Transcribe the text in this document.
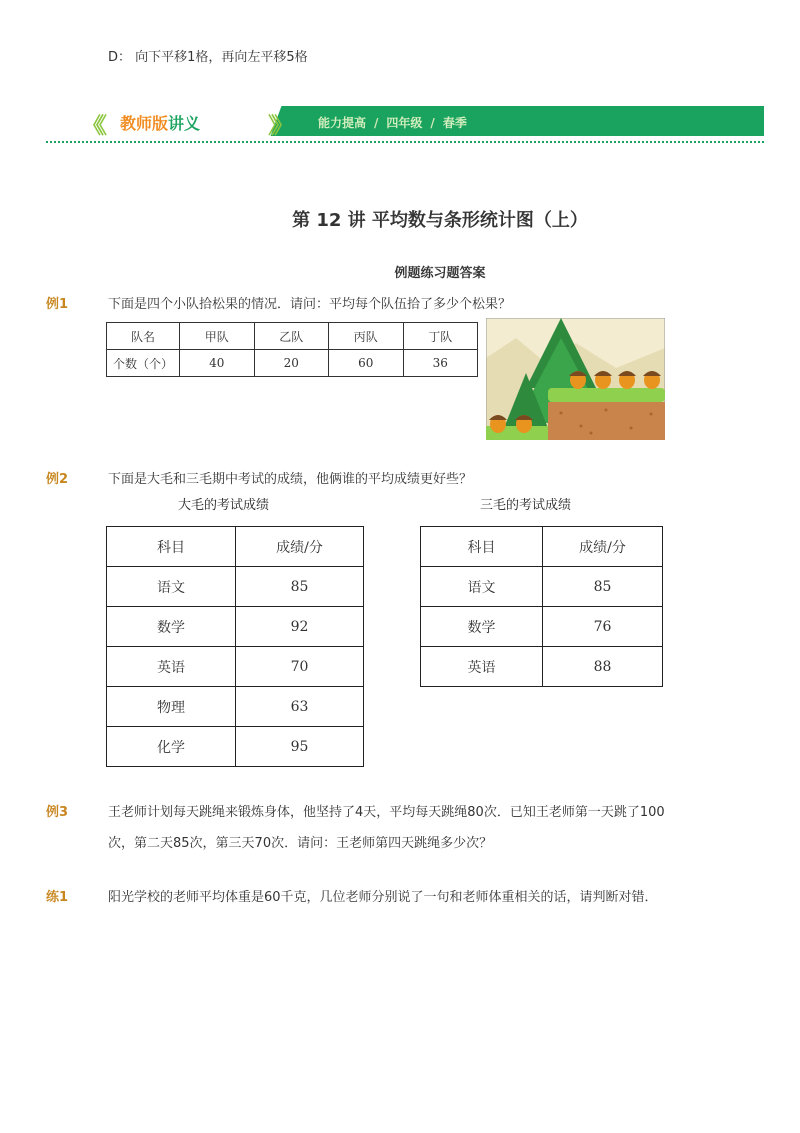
D： 向下平移1格，再向左平移5格
《《 教师版讲义	》》	能力提高 / 四年级 / 春季
第 12 讲 平均数与条形统计图（上）
例题练习题答案
例1	下面是四个小队拾松果的情况．请问：平均每个队伍拾了多少个松果？
队名	甲队	乙队	丙队	丁队
个数（个）	40	20	60	36
例2	下面是大毛和三毛期中考试的成绩，他俩谁的平均成绩更好些？
大毛的考试成绩	三毛的考试成绩
科目	成绩/分
语文	85
数学	92
英语	70
物理	63
化学	95
科目	成绩/分
语文	85
数学	76
英语	88
例3	王老师计划每天跳绳来锻炼身体，他坚持了4天，平均每天跳绳80次．已知王老师第一天跳了100
次，第二天85次，第三天70次．请问：王老师第四天跳绳多少次？
练1	阳光学校的老师平均体重是60千克，几位老师分别说了一句和老师体重相关的话，请判断对错．
